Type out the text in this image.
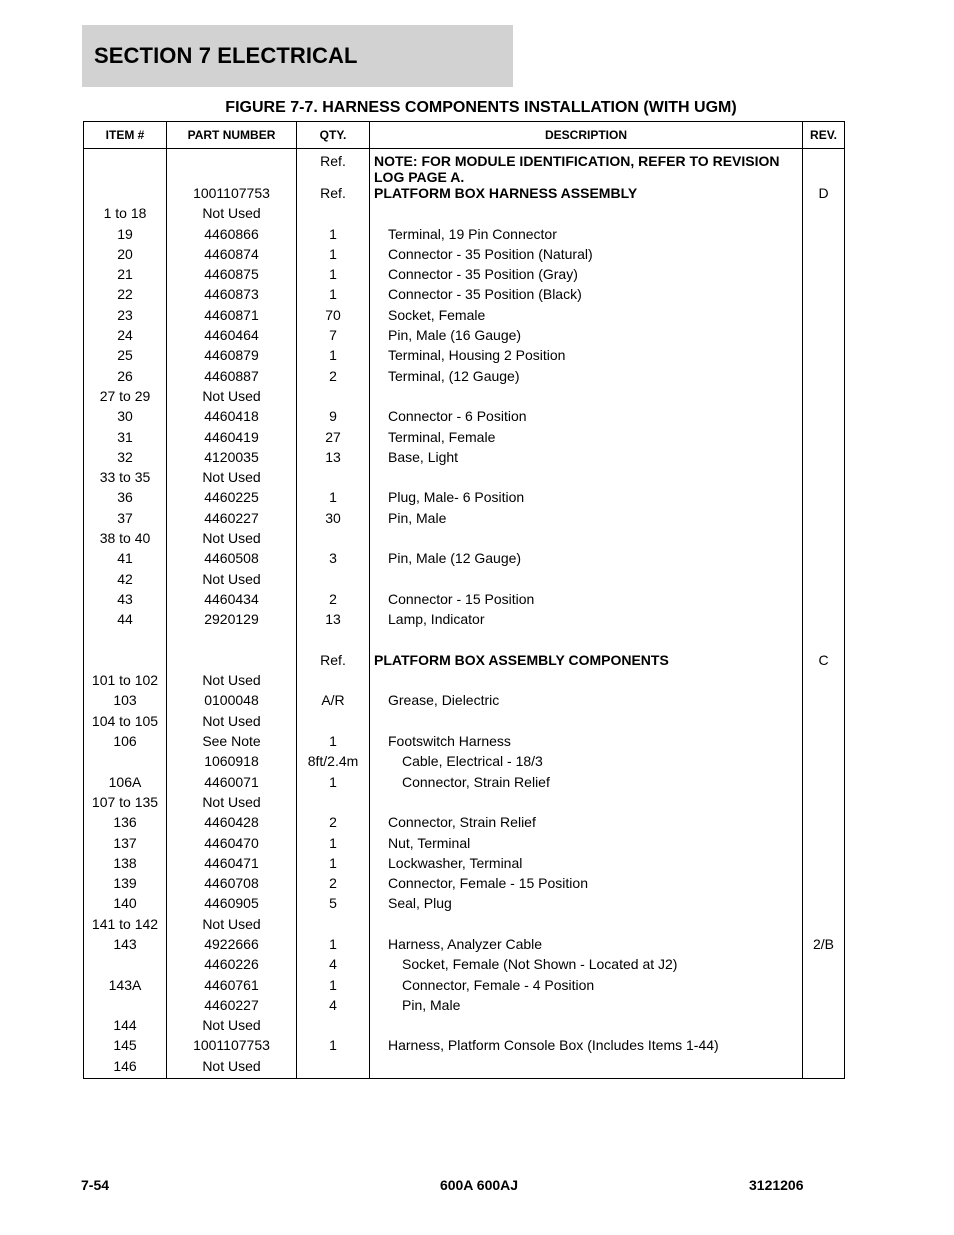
SECTION 7 ELECTRICAL
FIGURE 7-7. HARNESS COMPONENTS INSTALLATION (WITH UGM)
ITEM #	PART NUMBER	QTY.	DESCRIPTION	REV.
		Ref.	NOTE: FOR MODULE IDENTIFICATION, REFER TO REVISION LOG PAGE A.	
	1001107753	Ref.	PLATFORM BOX HARNESS ASSEMBLY	D
1 to 18	Not Used			
19	4460866	1	Terminal, 19 Pin Connector	
20	4460874	1	Connector - 35 Position (Natural)	
21	4460875	1	Connector - 35 Position (Gray)	
22	4460873	1	Connector - 35 Position (Black)	
23	4460871	70	Socket, Female	
24	4460464	7	Pin, Male (16 Gauge)	
25	4460879	1	Terminal, Housing 2 Position	
26	4460887	2	Terminal, (12 Gauge)	
27 to 29	Not Used			
30	4460418	9	Connector - 6 Position	
31	4460419	27	Terminal, Female	
32	4120035	13	Base, Light	
33 to 35	Not Used			
36	4460225	1	Plug, Male- 6 Position	
37	4460227	30	Pin, Male	
38 to 40	Not Used			
41	4460508	3	Pin, Male (12 Gauge)	
42	Not Used			
43	4460434	2	Connector - 15 Position	
44	2920129	13	Lamp, Indicator	

		Ref.	PLATFORM BOX ASSEMBLY COMPONENTS	C
101 to 102	Not Used			
103	0100048	A/R	Grease, Dielectric	
104 to 105	Not Used			
106	See Note	1	Footswitch Harness	
	1060918	8ft/2.4m	Cable, Electrical - 18/3	
106A	4460071	1	Connector, Strain Relief	
107 to 135	Not Used			
136	4460428	2	Connector, Strain Relief	
137	4460470	1	Nut, Terminal	
138	4460471	1	Lockwasher, Terminal	
139	4460708	2	Connector, Female - 15 Position	
140	4460905	5	Seal, Plug	
141 to 142	Not Used			
143	4922666	1	Harness, Analyzer Cable	2/B
	4460226	4	Socket, Female (Not Shown - Located at J2)	
143A	4460761	1	Connector, Female - 4 Position	
	4460227	4	Pin, Male	
144	Not Used			
145	1001107753	1	Harness, Platform Console Box (Includes Items 1-44)	
146	Not Used			
7-54	600A 600AJ	3121206
